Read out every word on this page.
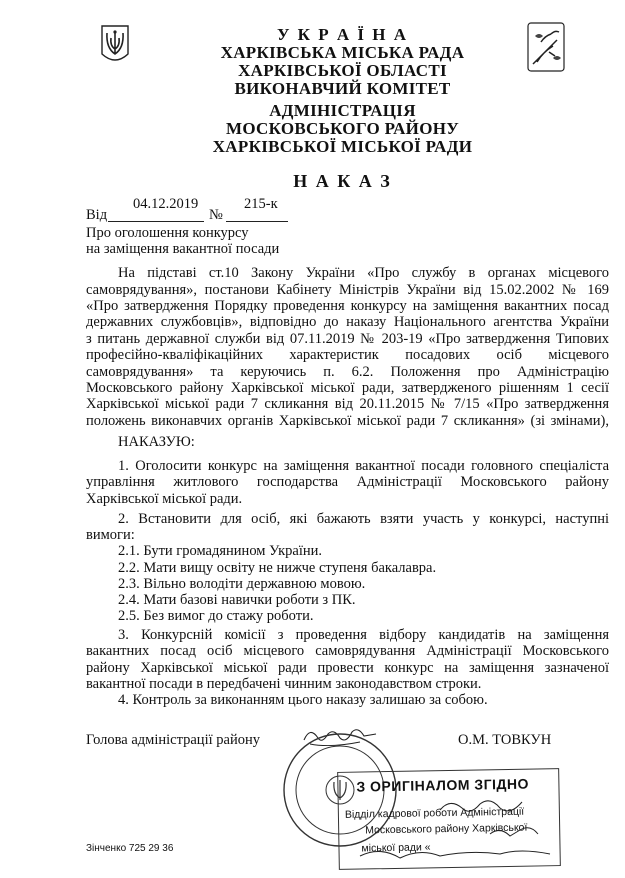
У К Р А Ї Н А
ХАРКІВСЬКА МІСЬКА РАДА
ХАРКІВСЬКОЇ ОБЛАСТІ
ВИКОНАВЧИЙ КОМІТЕТ
АДМІНІСТРАЦІЯ
МОСКОВСЬКОГО РАЙОНУ
ХАРКІВСЬКОЇ МІСЬКОЇ РАДИ
Н А К А З
04.12.2019	215-к
Від	№
Про оголошення конкурсу
на заміщення вакантної посади
На підставі ст.10 Закону України «Про службу в органах місцевого
самоврядування», постанови Кабінету Міністрів України від 15.02.2002 № 169
«Про затвердження Порядку проведення конкурсу на заміщення вакантних посад
державних службовців», відповідно до наказу Національного агентства України
з питань державної служби від 07.11.2019 № 203-19 «Про затвердження Типових
професійно-кваліфікаційних характеристик посадових осіб місцевого
самоврядування» та керуючись п. 6.2. Положення про Адміністрацію
Московського району Харківської міської ради, затвердженого рішенням 1 сесії
Харківської міської ради 7 скликання від 20.11.2015 № 7/15 «Про затвердження
положень виконавчих органів Харківської міської ради 7 скликання» (зі змінами),
НАКАЗУЮ:
1. Оголосити конкурс на заміщення вакантної посади головного спеціаліста
управління житлового господарства Адміністрації Московського району
Харківської міської ради.
2. Встановити для осіб, які бажають взяти участь у конкурсі, наступні
вимоги:
2.1. Бути громадянином України.
2.2. Мати вищу освіту не нижче ступеня бакалавра.
2.3. Вільно володіти державною мовою.
2.4. Мати базові навички роботи з ПК.
2.5. Без вимог до стажу роботи.
3. Конкурсній комісії з проведення відбору кандидатів на заміщення
вакантних посад осіб місцевого самоврядування Адміністрації Московського
району Харківської міської ради провести конкурс на заміщення зазначеної
вакантної посади в передбачені чинним законодавством строки.
4. Контроль за виконанням цього наказу залишаю за собою.
Голова адміністрації району	О.М. ТОВКУН
З ОРИГІНАЛОМ ЗГІДНО
Відділ кадрової роботи Адміністрації
Московського району Харківської
міської ради «
Зінченко 725 29 36
